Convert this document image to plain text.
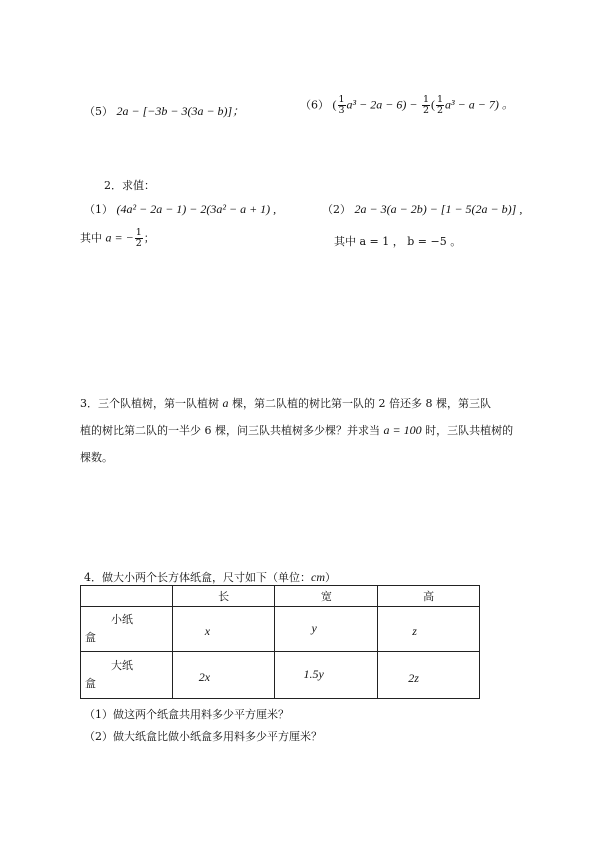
（5） 2a − [−3b − 3(3a − b)]；	（6） ( $\frac{1}{3} a^3 - 2a - 6) - \frac{1}{2}$ ( $\frac{1}{2} a^3 - a - 7$) 。
2．求值：
（1） (4a² − 2a − 1) − 2(3a² − a + 1) ,
其中 a = − $\frac{1}{2}$ ；
（2） 2a − 3(a − 2b) − [1 − 5(2a − b)] ,
其中 a = 1 ， b = −5 。
3．三个队植树，第一队植树 a 棵，第二队植的树比第一队的 2 倍还多 8 棵，第三队
植的树比第二队的一半少 6 棵，问三队共植树多少棵？并求当 a = 100 时，三队共植树的
棵数。
4．做大小两个长方体纸盒，尺寸如下（单位：cm）
	长	宽	高

小纸
盒	x	y	z

大纸
盒	2x	1.5y	2z
（1）做这两个纸盒共用料多少平方厘米？
（2）做大纸盒比做小纸盒多用料多少平方厘米？
